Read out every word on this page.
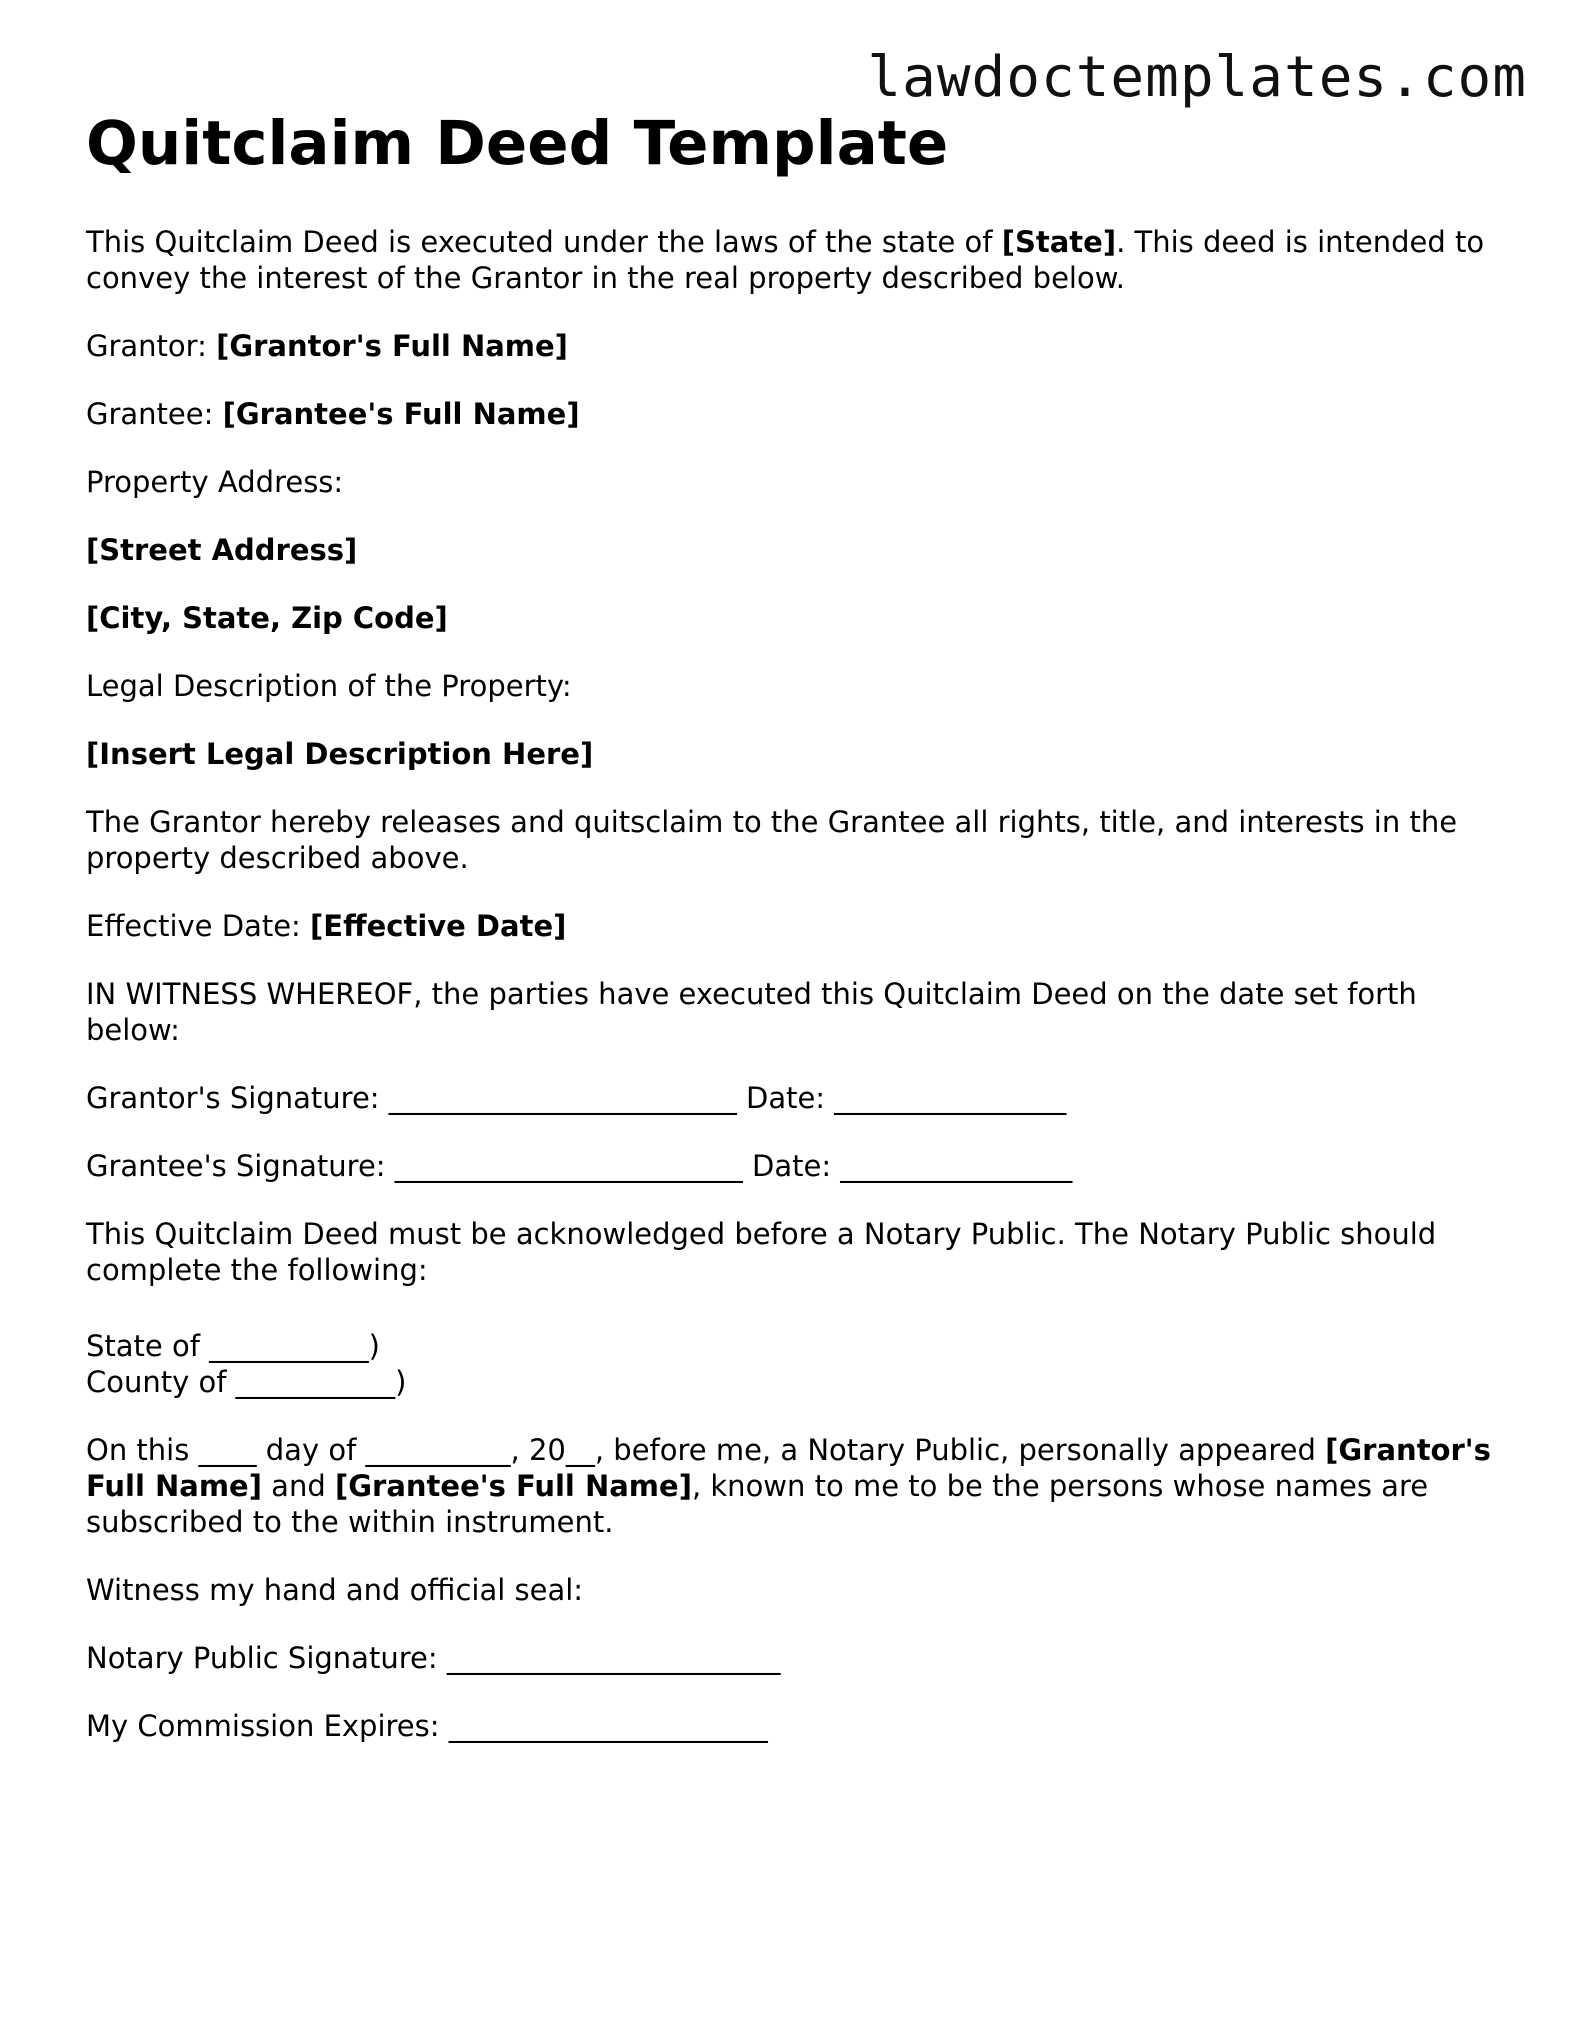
lawdoctemplates.com
Quitclaim Deed Template

This Quitclaim Deed is executed under the laws of the state of [State]. This deed is intended to convey the interest of the Grantor in the real property described below.

Grantor: [Grantor's Full Name]

Grantee: [Grantee's Full Name]

Property Address:

[Street Address]

[City, State, Zip Code]

Legal Description of the Property:

[Insert Legal Description Here]

The Grantor hereby releases and quitsclaim to the Grantee all rights, title, and interests in the property described above.

Effective Date: [Effective Date]

IN WITNESS WHEREOF, the parties have executed this Quitclaim Deed on the date set forth below:

Grantor's Signature: ________________________ Date: ________________

Grantee's Signature: ________________________ Date: ________________

This Quitclaim Deed must be acknowledged before a Notary Public. The Notary Public should complete the following:

State of ___________)

County of ___________)

On this ____ day of __________, 20__, before me, a Notary Public, personally appeared [Grantor's Full Name] and [Grantee's Full Name], known to me to be the persons whose names are subscribed to the within instrument.

Witness my hand and official seal:

Notary Public Signature: _______________________

My Commission Expires: ______________________
